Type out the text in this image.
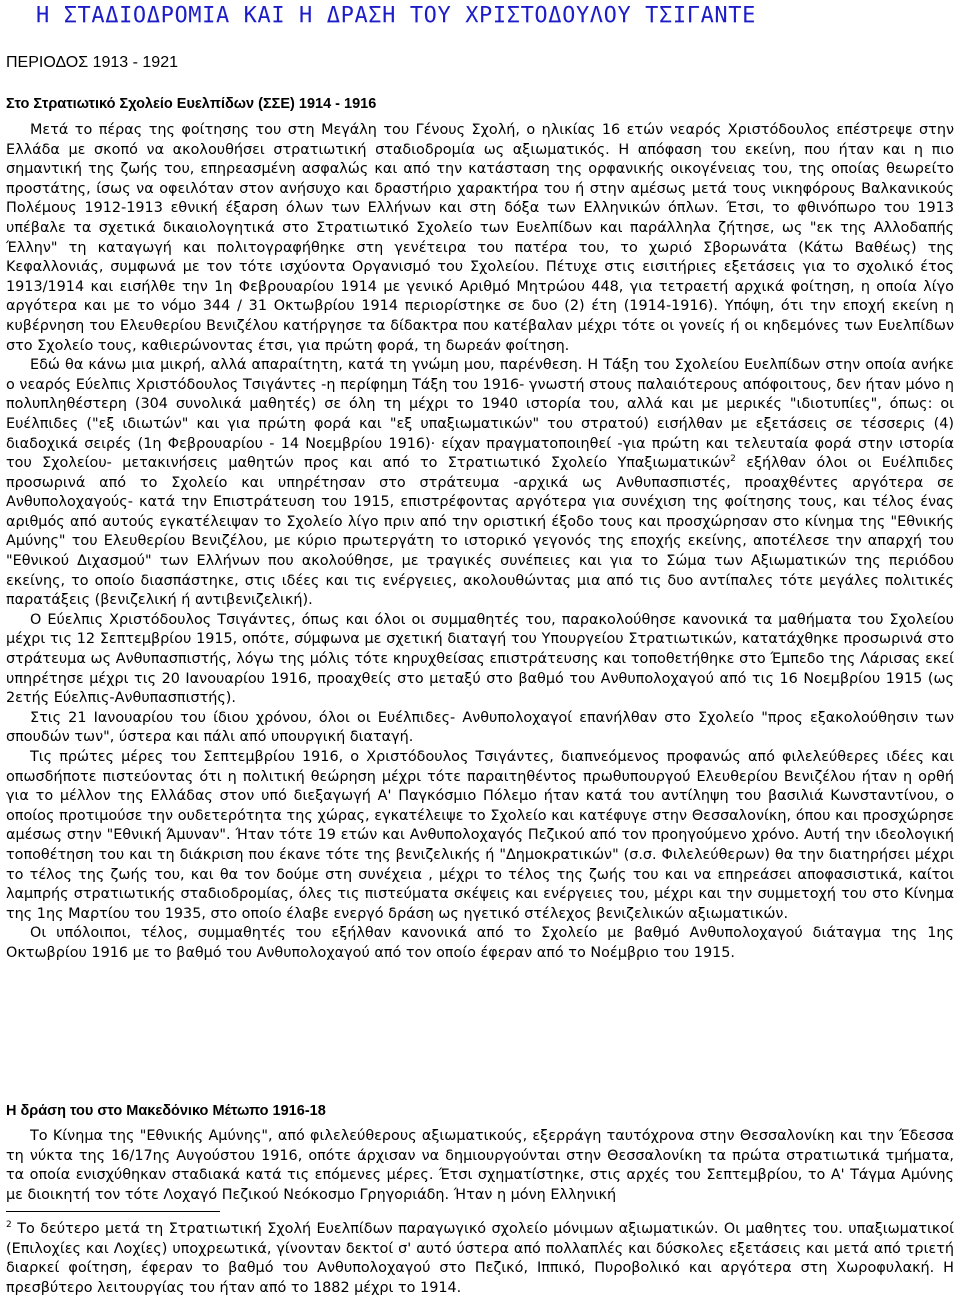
Η ΣΤΑΔΙΟΔΡΟΜΙΑ ΚΑΙ Η ΔΡΑΣΗ ΤΟΥ ΧΡΙΣΤΟΔΟΥΛΟΥ ΤΣΙΓΑΝΤΕ
ΠΕΡΙΟΔΟΣ 1913 - 1921
Στο Στρατιωτικό Σχολείο Ευελπίδων (ΣΣΕ) 1914 - 1916

Μετά το πέρας της φοίτησης του στη Μεγάλη του Γένους Σχολή, ο ηλικίας 16 ετών νεαρός Χριστόδουλος επέστρεψε στην Ελλάδα με σκοπό να ακολουθήσει στρατιωτική σταδιοδρομία ως αξιωματικός. Η απόφαση του εκείνη, που ήταν και η πιο σημαντική της ζωής του, επηρεασμένη ασφαλώς και από την κατάσταση της ορφανικής οικογένειας του, της οποίας θεωρείτο προστάτης, ίσως να οφειλόταν στον ανήσυχο και δραστήριο χαρακτήρα του ή στην αμέσως μετά τους νικηφόρους Βαλκανικούς Πολέμους 1912-1913 εθνική έξαρση όλων των Ελλήνων και στη δόξα των Ελληνικών όπλων. Έτσι, το φθινόπωρο του 1913 υπέβαλε τα σχετικά δικαιολογητικά στο Στρατιωτικό Σχολείο των Ευελπίδων και παράλληλα ζήτησε, ως "εκ της Αλλοδαπής Έλλην" τη καταγωγή και πολιτογραφήθηκε στη γενέτειρα του πατέρα του, το χωριό Σβορωνάτα (Κάτω Βαθέως) της Κεφαλλονιάς, συμφωνά με τον τότε ισχύοντα Οργανισμό του Σχολείου. Πέτυχε στις εισιτήριες εξετάσεις για το σχολικό έτος 1913/1914 και εισήλθε την 1η Φεβρουαρίου 1914 με γενικό Αριθμό Μητρώου 448, για τετραετή αρχικά φοίτηση, η οποία λίγο αργότερα και με το νόμο 344 / 31 Οκτωβρίου 1914 περιορίστηκε σε δυο (2) έτη (1914-1916). Υπόψη, ότι την εποχή εκείνη η κυβέρνηση του Ελευθερίου Βενιζέλου κατήργησε τα δίδακτρα που κατέβαλαν μέχρι τότε οι γονείς ή οι κηδεμόνες των Ευελπίδων στο Σχολείο τους, καθιερώνοντας έτσι, για πρώτη φορά, τη δωρεάν φοίτηση.

Εδώ θα κάνω μια μικρή, αλλά απαραίτητη, κατά τη γνώμη μου, παρένθεση. Η Τάξη του Σχολείου Ευελπίδων στην οποία ανήκε ο νεαρός Εύελπις Χριστόδουλος Τσιγάντες -η περίφημη Τάξη του 1916- γνωστή στους παλαιότερους απόφοιτους, δεν ήταν μόνο η πολυπληθέστερη (304 συνολικά μαθητές) σε όλη τη μέχρι το 1940 ιστορία του, αλλά και με μερικές "ιδιοτυπίες", όπως: οι Ευέλπιδες ("εξ ιδιωτών" και για πρώτη φορά και "εξ υπαξιωματικών" του στρατού) εισήλθαν με εξετάσεις σε τέσσερις (4) διαδοχικά σειρές (1η Φεβρουαρίου - 14 Νοεμβρίου 1916)· είχαν πραγματοποιηθεί -για πρώτη και τελευταία φορά στην ιστορία του Σχολείου- μετακινήσεις μαθητών προς και από το Στρατιωτικό Σχολείο Υπαξιωματικών$^2$ εξήλθαν όλοι οι Ευέλπιδες προσωρινά από το Σχολείο και υπηρέτησαν στο στράτευμα -αρχικά ως Ανθυπασπιστές, προαχθέντες αργότερα σε Ανθυπολοχαγούς- κατά την Επιστράτευση του 1915, επιστρέφοντας αργότερα για συνέχιση της φοίτησης τους, και τέλος ένας αριθμός από αυτούς εγκατέλειψαν το Σχολείο λίγο πριν από την οριστική έξοδο τους και προσχώρησαν στο κίνημα της "Εθνικής Αμύνης" του Ελευθερίου Βενιζέλου, με κύριο πρωτεργάτη το ιστορικό γεγονός της εποχής εκείνης, αποτέλεσε την απαρχή του "Εθνικού Διχασμού" των Ελλήνων που ακολούθησε, με τραγικές συνέπειες και για το Σώμα των Αξιωματικών της περιόδου εκείνης, το οποίο διασπάστηκε, στις ιδέες και τις ενέργειες, ακολουθώντας μια από τις δυο αντίπαλες τότε μεγάλες πολιτικές παρατάξεις (βενιζελική ή αντιβενιζελική).

Ο Εύελπις Χριστόδουλος Τσιγάντες, όπως και όλοι οι συμμαθητές του, παρακολούθησε κανονικά τα μαθήματα του Σχολείου μέχρι τις 12 Σεπτεμβρίου 1915, οπότε, σύμφωνα με σχετική διαταγή του Υπουργείου Στρατιωτικών, κατατάχθηκε προσωρινά στο στράτευμα ως Ανθυπασπιστής, λόγω της μόλις τότε κηρυχθείσας επιστράτευσης και τοποθετήθηκε στο Έμπεδο της Λάρισας εκεί υπηρέτησε μέχρι τις 20 Ιανουαρίου 1916, προαχθείς στο μεταξύ στο βαθμό του Ανθυπολοχαγού από τις 16 Νοεμβρίου 1915 (ως 2ετής Εύελπις-Ανθυπασπιστής).

Στις 21 Ιανουαρίου του ίδιου χρόνου, όλοι οι Ευέλπιδες- Ανθυπολοχαγοί επανήλθαν στο Σχολείο "προς εξακολούθησιν των σπουδών των", ύστερα και πάλι από υπουργική διαταγή.

Τις πρώτες μέρες του Σεπτεμβρίου 1916, ο Χριστόδουλος Τσιγάντες, διαπνεόμενος προφανώς από φιλελεύθερες ιδέες και οπωσδήποτε πιστεύοντας ότι η πολιτική θεώρηση μέχρι τότε παραιτηθέντος πρωθυπουργού Ελευθερίου Βενιζέλου ήταν η ορθή για το μέλλον της Ελλάδας στον υπό διεξαγωγή Α' Παγκόσμιο Πόλεμο ήταν κατά του αντίληψη του βασιλιά Κωνσταντίνου, ο οποίος προτιμούσε την ουδετερότητα της χώρας, εγκατέλειψε το Σχολείο και κατέφυγε στην Θεσσαλονίκη, όπου και προσχώρησε αμέσως στην "Εθνική Άμυναν". Ήταν τότε 19 ετών και Ανθυπολοχαγός Πεζικού από τον προηγούμενο χρόνο. Αυτή την ιδεολογική τοποθέτηση του και τη διάκριση που έκανε τότε της βενιζελικής ή "Δημοκρατικών" (σ.σ. Φιλελεύθερων) θα την διατηρήσει μέχρι το τέλος της ζωής του, και θα τον δούμε στη συνέχεια , μέχρι το τέλος της ζωής του και να επηρεάσει αποφασιστικά, καίτοι λαμπρής στρατιωτικής σταδιοδρομίας, όλες τις πιστεύματα σκέψεις και ενέργειες του, μέχρι και την συμμετοχή του στο Κίνημα της 1ης Μαρτίου του 1935, στο οποίο έλαβε ενεργό δράση ως ηγετικό στέλεχος βενιζελικών αξιωματικών.

Οι υπόλοιποι, τέλος, συμμαθητές του εξήλθαν κανονικά από το Σχολείο με βαθμό Ανθυπολοχαγού διάταγμα της 1ης Οκτωβρίου 1916 με το βαθμό του Ανθυπολοχαγού από τον οποίο έφεραν από το Νοέμβριο του 1915.

Η δράση του στο Μακεδόνικο Μέτωπο 1916-18

Το Κίνημα της "Εθνικής Αμύνης", από φιλελεύθερους αξιωματικούς, εξερράγη ταυτόχρονα στην Θεσσαλονίκη και την Έδεσσα τη νύκτα της 16/17ης Αυγούστου 1916, οπότε άρχισαν να δημιουργούνται στην Θεσσαλονίκη τα πρώτα στρατιωτικά τμήματα, τα οποία ενισχύθηκαν σταδιακά κατά τις επόμενες μέρες. Έτσι σχηματίστηκε, στις αρχές του Σεπτεμβρίου, το Α' Τάγμα Αμύνης με διοικητή τον τότε Λοχαγό Πεζικού Νεόκοσμο Γρηγοριάδη. Ήταν η μόνη Ελληνική

$^2$ Το δεύτερο μετά τη Στρατιωτική Σχολή Ευελπίδων παραγωγικό σχολείο μόνιμων αξιωματικών. Οι μαθητες του. υπαξιωματικοί (Επιλοχίες και Λοχίες) υποχρεωτικά, γίνονταν δεκτοί σ' αυτό ύστερα από πολλαπλές και δύσκολες εξετάσεις και μετά από τριετή διαρκεί φοίτηση, έφεραν το βαθμό του Ανθυπολοχαγού στο Πεζικό, Ιππικό, Πυροβολικό και αργότερα στη Χωροφυλακή. Η πρεσβύτερο λειτουργίας του ήταν από το 1882 μέχρι το 1914.
